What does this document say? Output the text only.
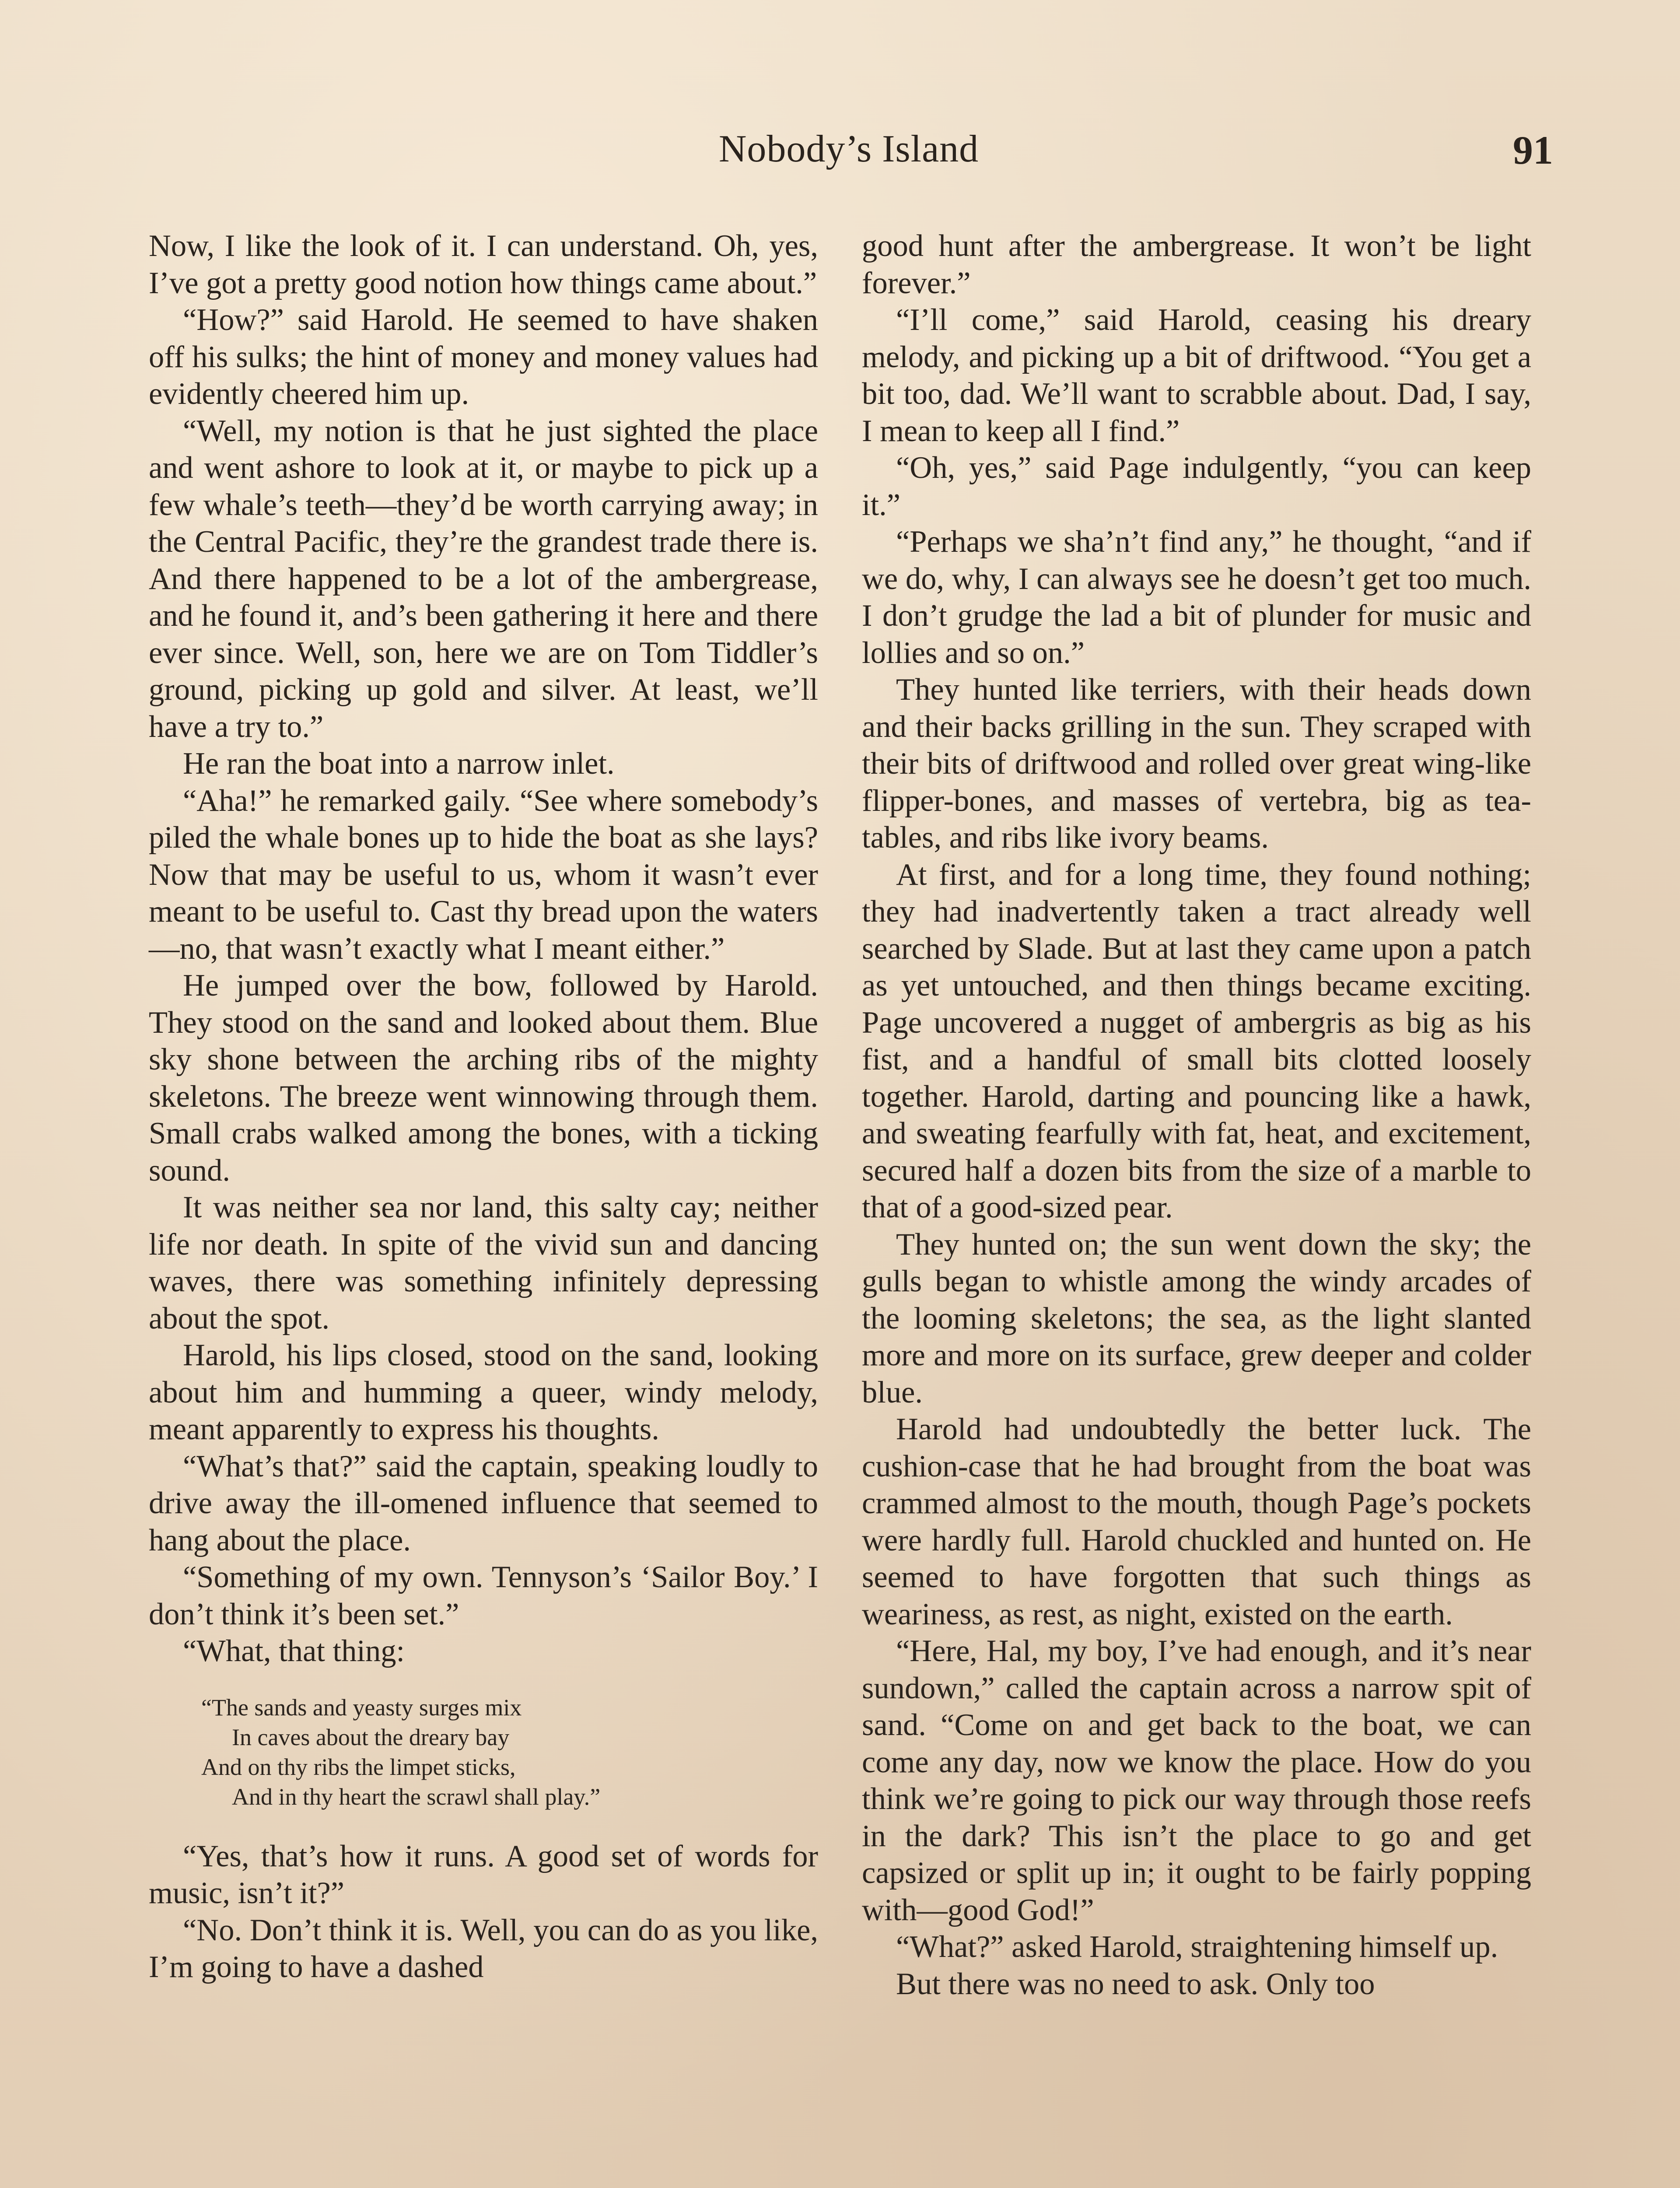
Nobody’s Island	91

Now, I like the look of it. I can understand. Oh, yes, I’ve got a pretty good notion how things came about.”

“How?” said Harold. He seemed to have shaken off his sulks; the hint of money and money values had evidently cheered him up.

“Well, my notion is that he just sighted the place and went ashore to look at it, or maybe to pick up a few whale’s teeth—they’d be worth carrying away; in the Central Pacific, they’re the grandest trade there is. And there happened to be a lot of the ambergrease, and he found it, and’s been gathering it here and there ever since. Well, son, here we are on Tom Tiddler’s ground, picking up gold and silver. At least, we’ll have a try to.”

He ran the boat into a narrow inlet.

“Aha!” he remarked gaily. “See where somebody’s piled the whale bones up to hide the boat as she lays? Now that may be useful to us, whom it wasn’t ever meant to be useful to. Cast thy bread upon the waters—no, that wasn’t exactly what I meant either.”

He jumped over the bow, followed by Harold. They stood on the sand and looked about them. Blue sky shone between the arching ribs of the mighty skeletons. The breeze went winnowing through them. Small crabs walked among the bones, with a ticking sound.

It was neither sea nor land, this salty cay; neither life nor death. In spite of the vivid sun and dancing waves, there was something infinitely depressing about the spot.

Harold, his lips closed, stood on the sand, looking about him and humming a queer, windy melody, meant apparently to express his thoughts.

“What’s that?” said the captain, speaking loudly to drive away the ill-omened influence that seemed to hang about the place.

“Something of my own. Tennyson’s ‘Sailor Boy.’ I don’t think it’s been set.”

“What, that thing:

“The sands and yeasty surges mix
In caves about the dreary bay
And on thy ribs the limpet sticks,
And in thy heart the scrawl shall play.”

“Yes, that’s how it runs. A good set of words for music, isn’t it?”

“No. Don’t think it is. Well, you can do as you like, I’m going to have a dashed

good hunt after the ambergrease. It won’t be light forever.”

“I’ll come,” said Harold, ceasing his dreary melody, and picking up a bit of driftwood. “You get a bit too, dad. We’ll want to scrabble about. Dad, I say, I mean to keep all I find.”

“Oh, yes,” said Page indulgently, “you can keep it.”

“Perhaps we sha’n’t find any,” he thought, “and if we do, why, I can always see he doesn’t get too much. I don’t grudge the lad a bit of plunder for music and lollies and so on.”

They hunted like terriers, with their heads down and their backs grilling in the sun. They scraped with their bits of driftwood and rolled over great wing-like flipper-bones, and masses of vertebra, big as tea-tables, and ribs like ivory beams.

At first, and for a long time, they found nothing; they had inadvertently taken a tract already well searched by Slade. But at last they came upon a patch as yet untouched, and then things became exciting. Page uncovered a nugget of ambergris as big as his fist, and a handful of small bits clotted loosely together. Harold, darting and pouncing like a hawk, and sweating fearfully with fat, heat, and excitement, secured half a dozen bits from the size of a marble to that of a good-sized pear.

They hunted on; the sun went down the sky; the gulls began to whistle among the windy arcades of the looming skeletons; the sea, as the light slanted more and more on its surface, grew deeper and colder blue.

Harold had undoubtedly the better luck. The cushion-case that he had brought from the boat was crammed almost to the mouth, though Page’s pockets were hardly full. Harold chuckled and hunted on. He seemed to have forgotten that such things as weariness, as rest, as night, existed on the earth.

“Here, Hal, my boy, I’ve had enough, and it’s near sundown,” called the captain across a narrow spit of sand. “Come on and get back to the boat, we can come any day, now we know the place. How do you think we’re going to pick our way through those reefs in the dark? This isn’t the place to go and get capsized or split up in; it ought to be fairly popping with—good God!”

“What?” asked Harold, straightening himself up.

But there was no need to ask. Only too
